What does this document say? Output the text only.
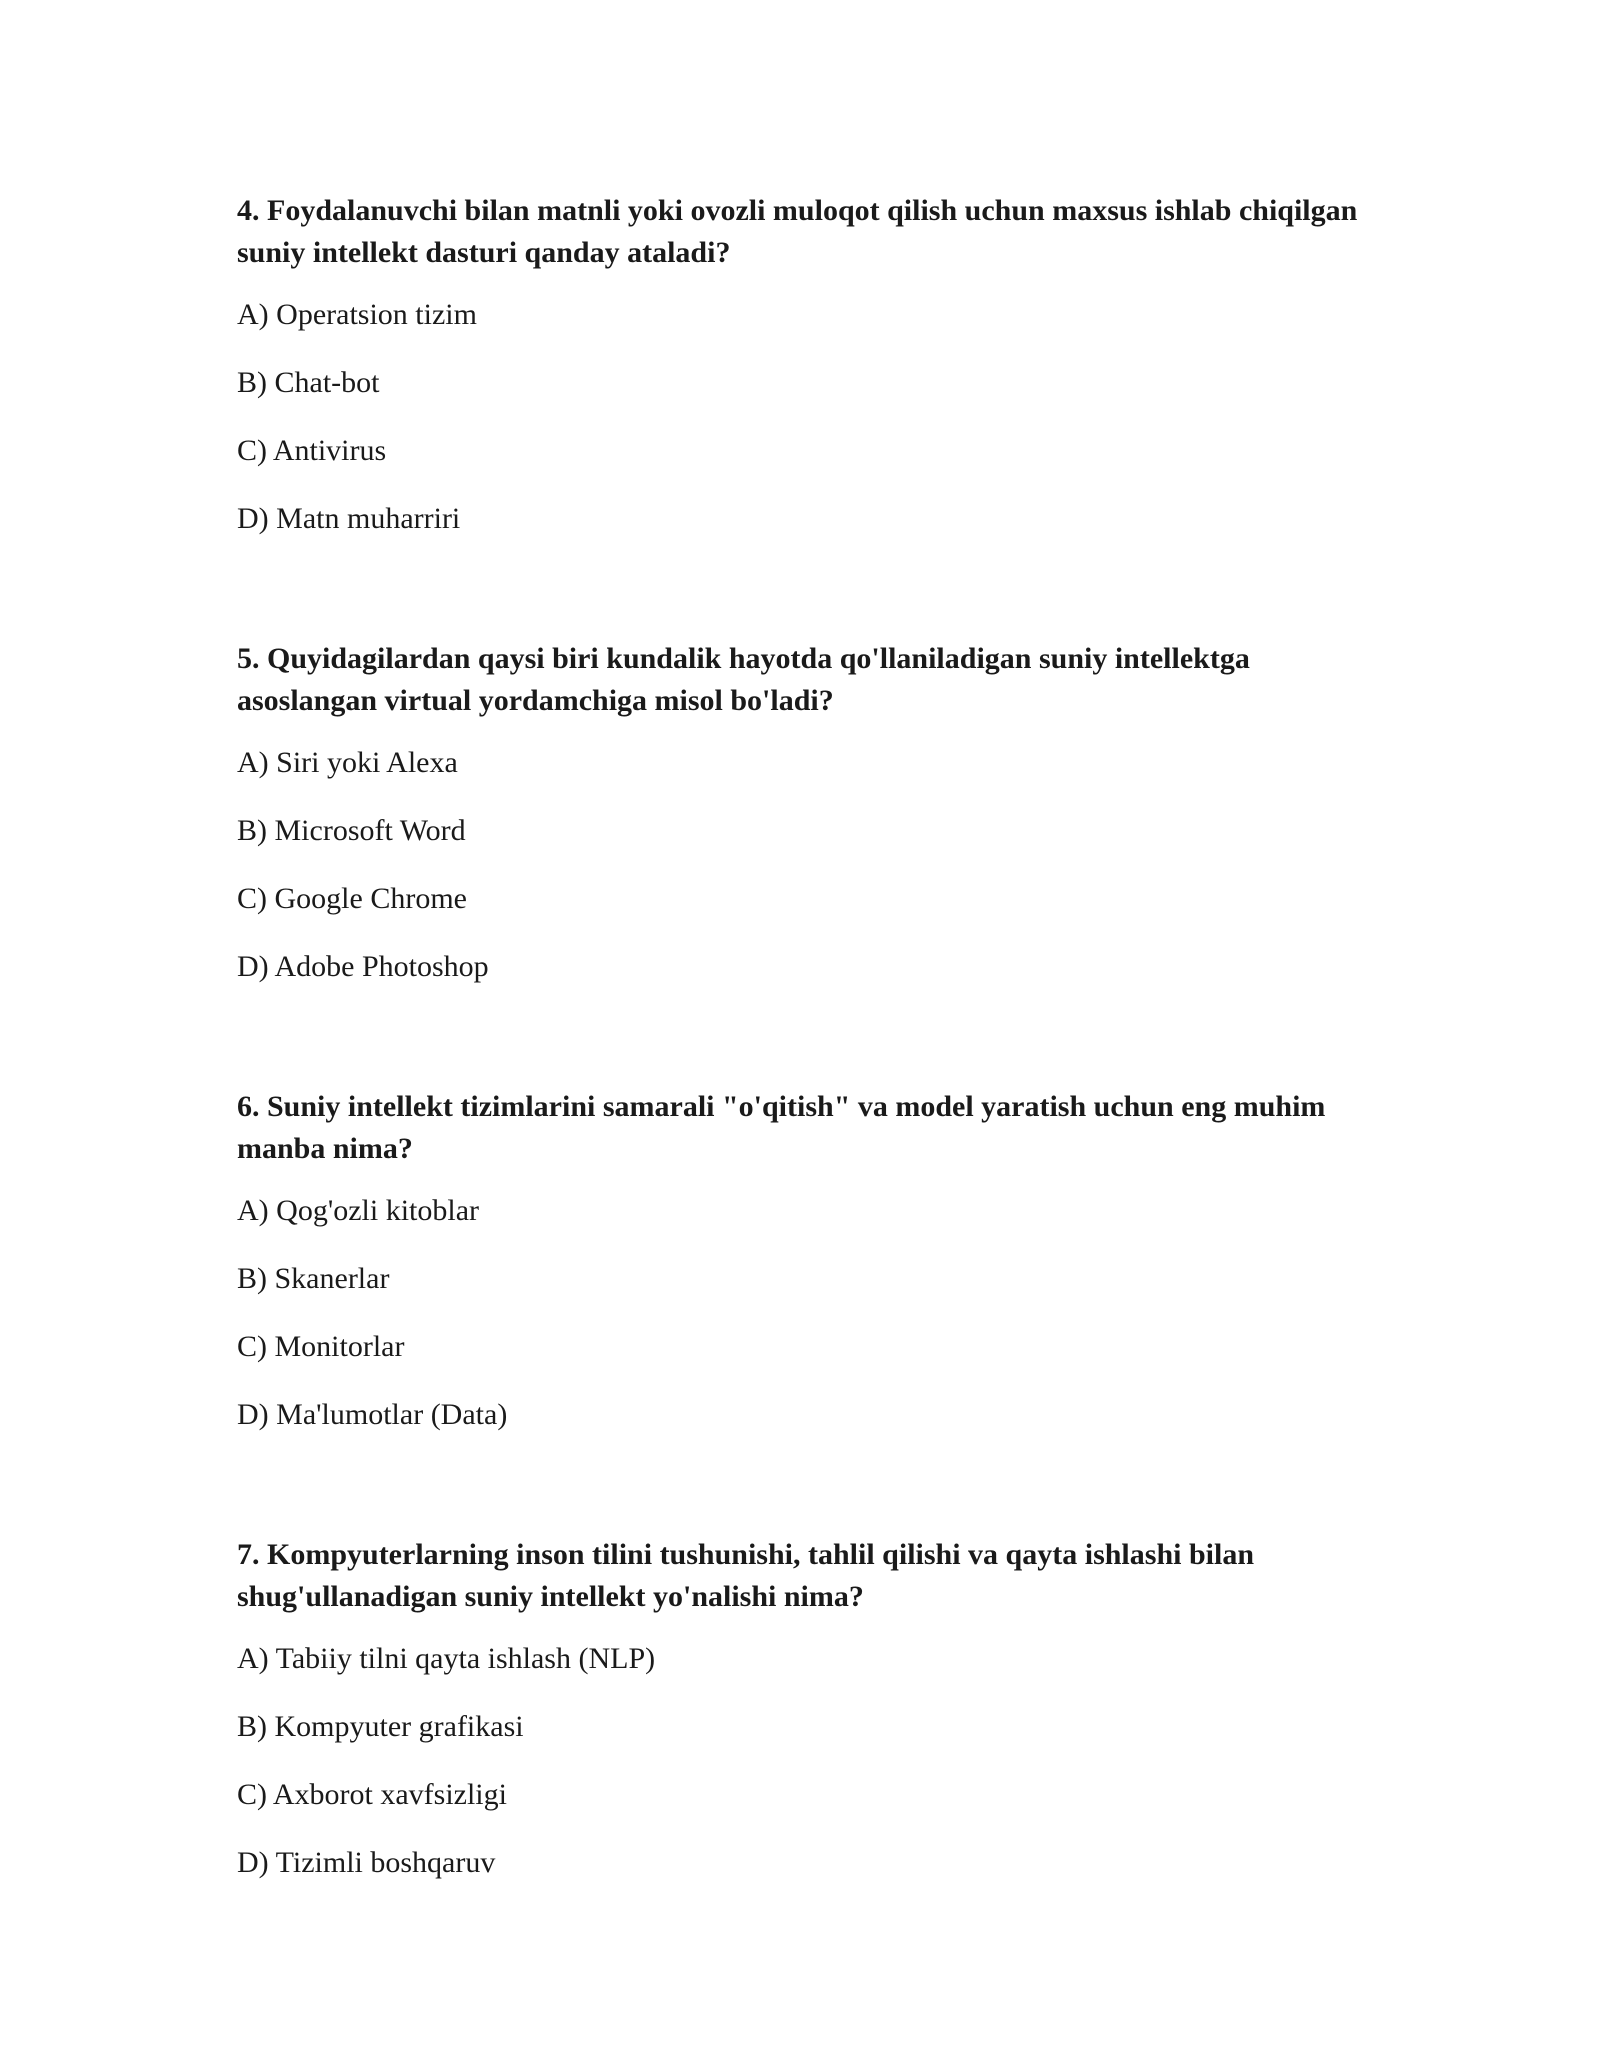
4. Foydalanuvchi bilan matnli yoki ovozli muloqot qilish uchun maxsus ishlab chiqilgan suniy intellekt dasturi qanday ataladi?

A) Operatsion tizim
B) Chat-bot
C) Antivirus
D) Matn muharriri

5. Quyidagilardan qaysi biri kundalik hayotda qo'llaniladigan suniy intellektga asoslangan virtual yordamchiga misol bo'ladi?

A) Siri yoki Alexa
B) Microsoft Word
C) Google Chrome
D) Adobe Photoshop

6. Suniy intellekt tizimlarini samarali "o'qitish" va model yaratish uchun eng muhim manba nima?

A) Qog'ozli kitoblar
B) Skanerlar
C) Monitorlar
D) Ma'lumotlar (Data)

7. Kompyuterlarning inson tilini tushunishi, tahlil qilishi va qayta ishlashi bilan shug'ullanadigan suniy intellekt yo'nalishi nima?

A) Tabiiy tilni qayta ishlash (NLP)
B) Kompyuter grafikasi
C) Axborot xavfsizligi
D) Tizimli boshqaruv
